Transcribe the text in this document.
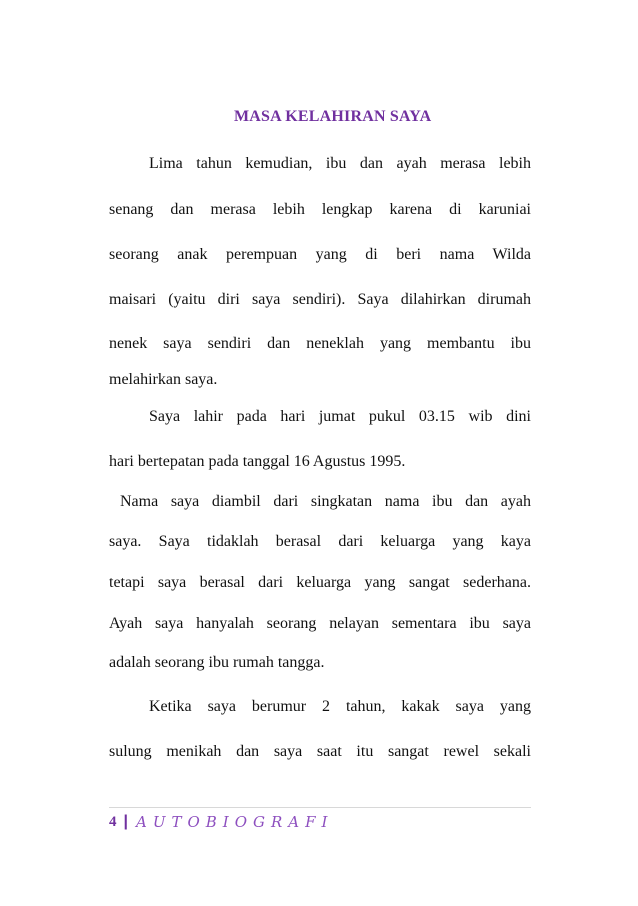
MASA KELAHIRAN SAYA
Lima tahun kemudian, ibu dan ayah merasa lebih
senang dan merasa lebih lengkap karena di karuniai
seorang anak perempuan yang di beri nama Wilda
maisari (yaitu diri saya sendiri). Saya dilahirkan dirumah
nenek saya sendiri dan neneklah yang membantu ibu
melahirkan saya.
Saya lahir pada hari jumat pukul 03.15 wib dini
hari bertepatan pada tanggal 16 Agustus 1995.
Nama saya diambil dari singkatan nama ibu dan ayah
saya. Saya tidaklah berasal dari keluarga yang kaya
tetapi saya berasal dari keluarga yang sangat sederhana.
Ayah saya hanyalah seorang nelayan sementara ibu saya
adalah seorang ibu rumah tangga.
Ketika saya berumur 2 tahun, kakak saya yang
sulung menikah dan saya saat itu sangat rewel sekali
4 | AUTOBIOGRAFI
